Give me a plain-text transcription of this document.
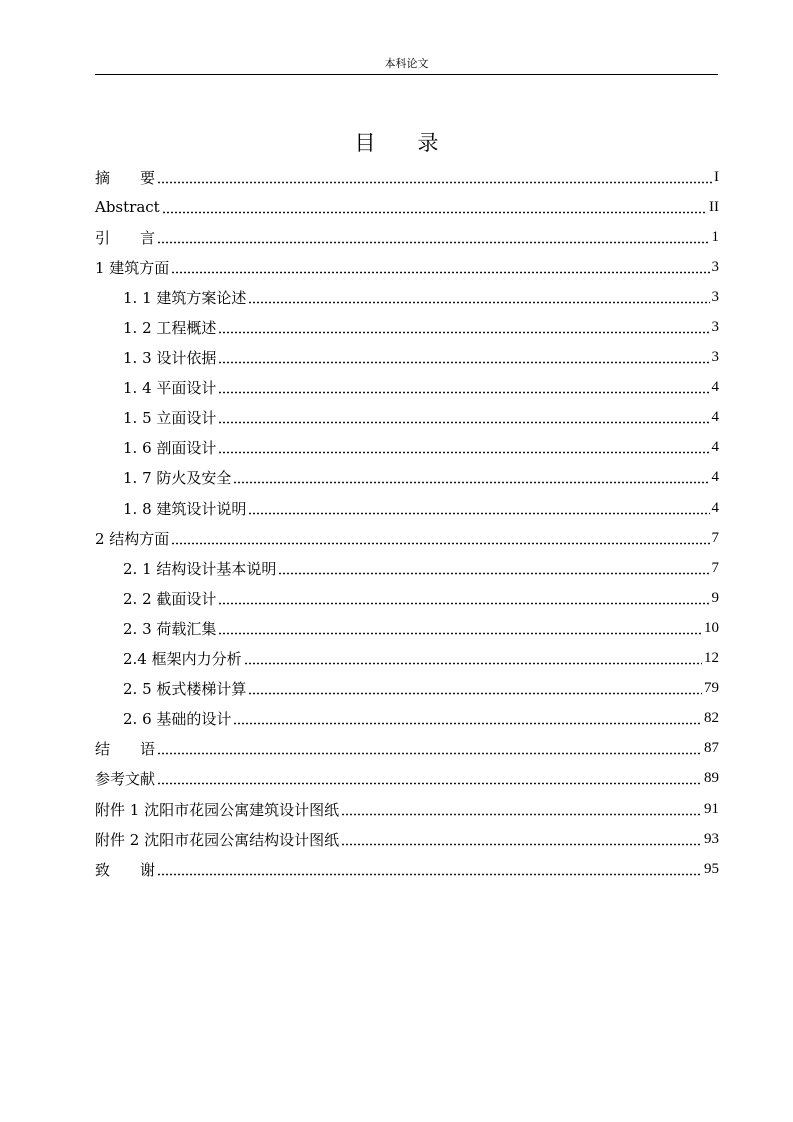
本科论文
目　　录
摘　　要	I
Abstract	II
引　　言	1
1 建筑方面	3
1. 1 建筑方案论述	3
1. 2 工程概述	3
1. 3 设计依据	3
1. 4 平面设计	4
1. 5 立面设计	4
1. 6 剖面设计	4
1. 7 防火及安全	4
1. 8 建筑设计说明	4
2 结构方面	7
2. 1 结构设计基本说明	7
2. 2 截面设计	9
2. 3 荷载汇集	10
2.4 框架内力分析	12
2. 5 板式楼梯计算	79
2. 6 基础的设计	82
结　　语	87
参考文献	89
附件 1 沈阳市花园公寓建筑设计图纸	91
附件 2 沈阳市花园公寓结构设计图纸	93
致　　谢	95
